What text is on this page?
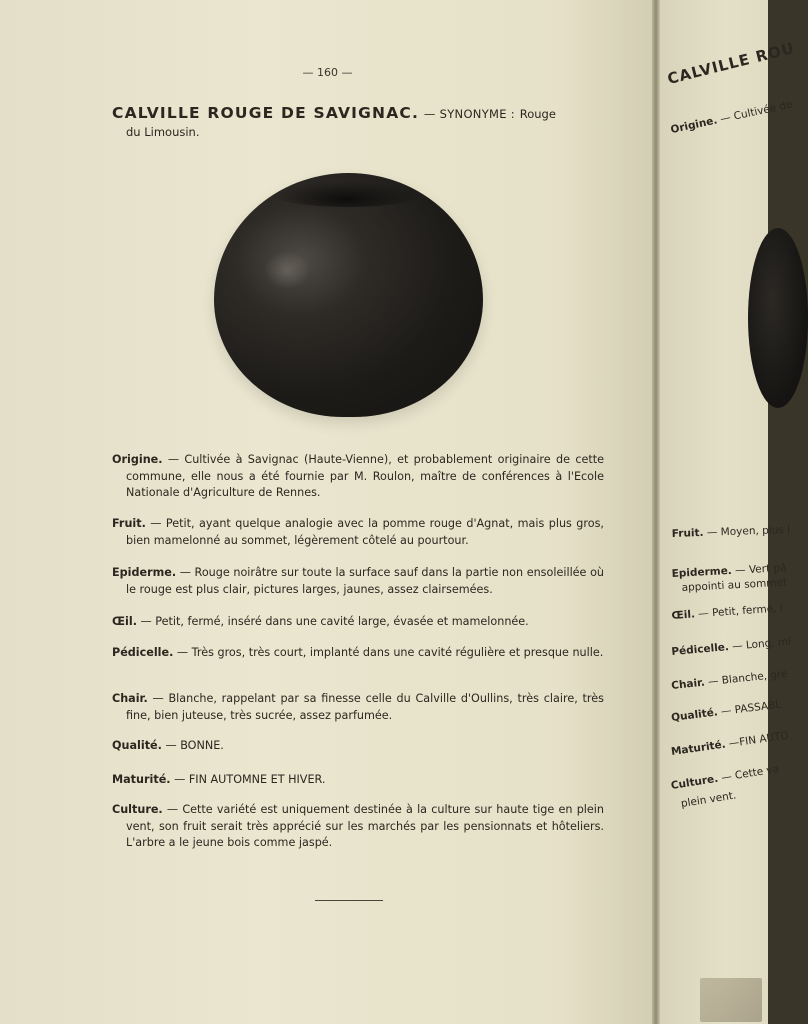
— 160 —
CALVILLE ROUGE DE SAVIGNAC. — SYNONYME : Rouge
du Limousin.

Origine. — Cultivée à Savignac (Haute-Vienne), et probablement originaire de cette commune, elle nous a été fournie par M. Roulon, maître de conférences à l'Ecole Nationale d'Agriculture de Rennes.

Fruit. — Petit, ayant quelque analogie avec la pomme rouge d'Agnat, mais plus gros, bien mamelonné au sommet, légèrement côtelé au pourtour.

Epiderme. — Rouge noirâtre sur toute la surface sauf dans la partie non ensoleillée où le rouge est plus clair, pictures larges, jaunes, assez clairsemées.

Œil. — Petit, fermé, inséré dans une cavité large, évasée et mamelonnée.

Pédicelle. — Très gros, très court, implanté dans une cavité régulière et presque nulle.

Chair. — Blanche, rappelant par sa finesse celle du Calville d'Oullins, très claire, très fine, bien juteuse, très sucrée, assez parfumée.

Qualité. — BONNE.

Maturité. — FIN AUTOMNE ET HIVER.

Culture. — Cette variété est uniquement destinée à la culture sur haute tige en plein vent, son fruit serait très apprécié sur les marchés par les pensionnats et hôteliers. L'arbre a le jeune bois comme jaspé.

CALVILLE ROU
Origine. — Cultivée de
Fruit. — Moyen, plus l
Epiderme. — Vert pâ
appointi au sommet
Œil. — Petit, fermé, i
Pédicelle. — Long, mi
Chair. — Blanche, gre
Qualité. — PASSABL
Maturité. —FIN AUTO
Culture. — Cette va
plein vent.
